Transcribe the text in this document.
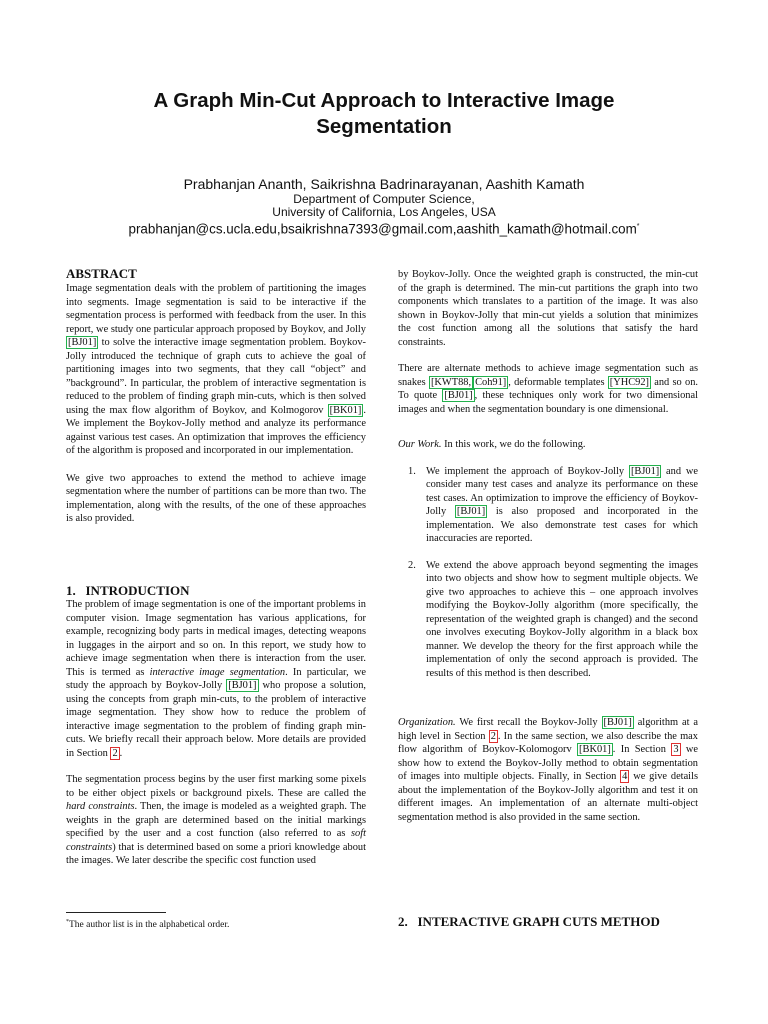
A Graph Min-Cut Approach to Interactive Image
Segmentation
Prabhanjan Ananth, Saikrishna Badrinarayanan, Aashith Kamath
Department of Computer Science,
University of California, Los Angeles, USA
prabhanjan@cs.ucla.edu,bsaikrishna7393@gmail.com,aashith_kamath@hotmail.com*
ABSTRACT

Image segmentation deals with the problem of partitioning the images into segments. Image segmentation is said to be interactive if the segmentation process is performed with feedback from the user. In this report, we study one particular approach proposed by Boykov, and Jolly [BJ01] to solve the interactive image segmentation problem. Boykov-Jolly introduced the technique of graph cuts to achieve the goal of partitioning images into two segments, that they call “object” and ”background”. In particular, the problem of interactive segmentation is reduced to the problem of finding graph min-cuts, which is then solved using the max flow algorithm of Boykov, and Kolmogorov [BK01] . We implement the Boykov-Jolly method and analyze its performance against various test cases. An optimization that improves the efficiency of the algorithm is proposed and incorporated in our implementation.

We give two approaches to extend the method to achieve image segmentation where the number of partitions can be more than two. The implementation, along with the results, of the one of these approaches is also provided.

1.   INTRODUCTION

The problem of image segmentation is one of the important problems in computer vision. Image segmentation has various applications, for example, recognizing body parts in medical images, detecting weapons in luggages in the airport and so on. In this report, we study how to achieve image segmentation when there is interaction from the user. This is termed as interactive image segmentation. In particular, we study the approach by Boykov-Jolly [BJ01] who propose a solution, using the concepts from graph min-cuts, to the problem of interactive image segmentation. They show how to reduce the problem of interactive image segmentation to the problem of finding graph min-cuts. We briefly recall their approach below. More details are provided in Section 2 .

The segmentation process begins by the user first marking some pixels to be either object pixels or background pixels. These are called the hard constraints. Then, the image is modeled as a weighted graph. The weights in the graph are determined based on the initial markings specified by the user and a cost function (also referred to as soft constraints) that is determined based on some a priori knowledge about the images. We later describe the specific cost function used

*The author list is in the alphabetical order.

by Boykov-Jolly. Once the weighted graph is constructed, the min-cut of the graph is determined. The min-cut partitions the graph into two components which translates to a partition of the image. It was also shown in Boykov-Jolly that min-cut yields a solution that minimizes the cost function among all the solutions that satisfy the hard constraints.

There are alternate methods to achieve image segmentation such as snakes [KWT88, Coh91] , deformable templates [YHC92] and so on. To quote [BJ01] , these techniques only work for two dimensional images and when the segmentation boundary is one dimensional.

Our Work. In this work, we do the following.

1. We implement the approach of Boykov-Jolly [BJ01] and we consider many test cases and analyze its performance on these test cases. An optimization to improve the efficiency of Boykov-Jolly [BJ01] is also proposed and incorporated in the implementation. We also demonstrate test cases for which inaccuracies are reported.

2. We extend the above approach beyond segmenting the images into two objects and show how to segment multiple objects. We give two approaches to achieve this – one approach involves modifying the Boykov-Jolly algorithm (more specifically, the representation of the weighted graph is changed) and the second one involves executing Boykov-Jolly algorithm in a black box manner. We develop the theory for the first approach while the implementation of only the second approach is provided. The results of this method is then described.

Organization. We first recall the Boykov-Jolly [BJ01] algorithm at a high level in Section 2 . In the same section, we also describe the max flow algorithm of Boykov-Kolomogorv [BK01] . In Section 3 we show how to extend the Boykov-Jolly method to obtain segmentation of images into multiple objects. Finally, in Section 4 we give details about the implementation of the Boykov-Jolly algorithm and test it on different images. An implementation of an alternate multi-object segmentation method is also provided in the same section.

2.   INTERACTIVE GRAPH CUTS METHOD
